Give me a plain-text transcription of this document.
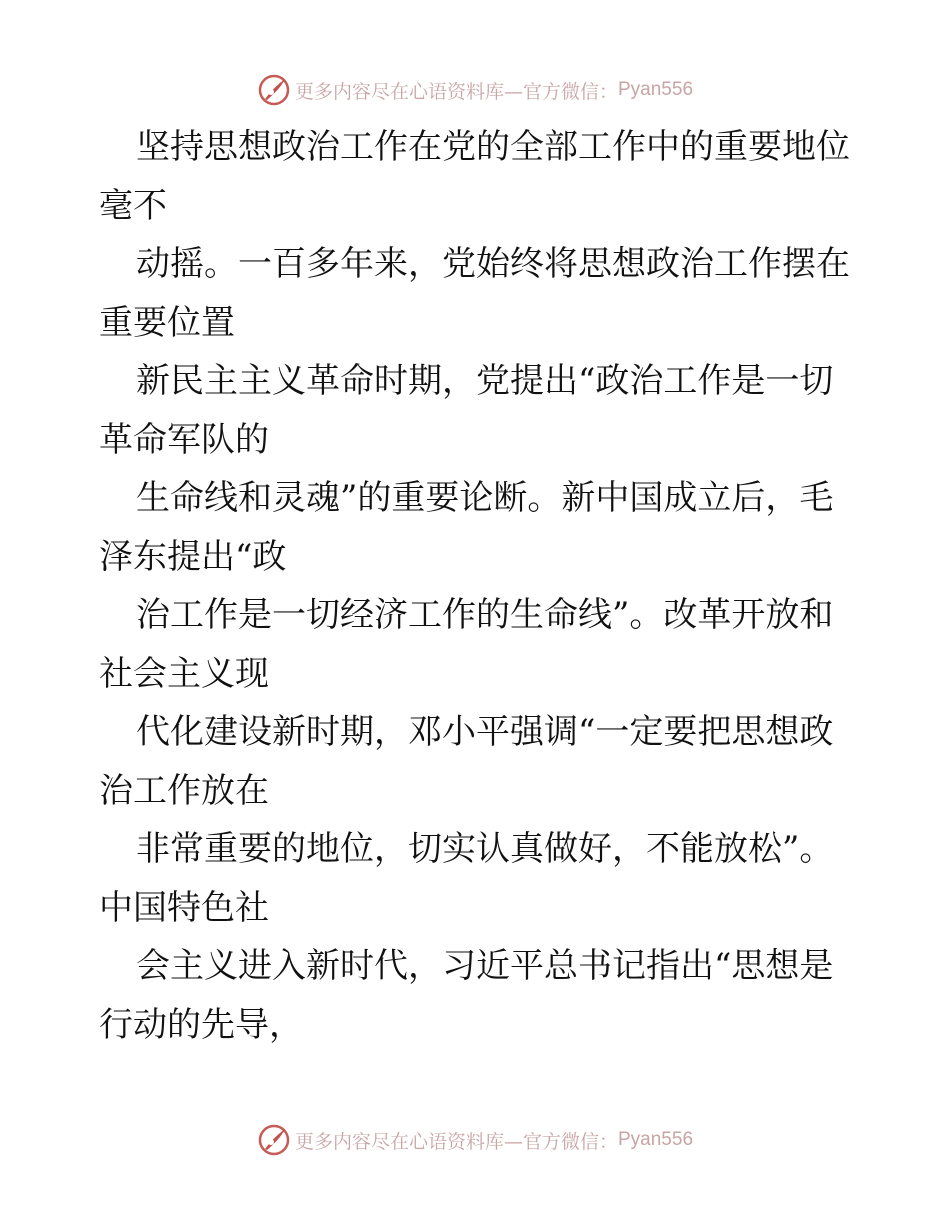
更多内容尽在心语资料库—官方微信： Pyan556
坚持思想政治工作在党的全部工作中的重要地位
毫不
动摇。一百多年来，党始终将思想政治工作摆在
重要位置
新民主主义革命时期，党提出“政治工作是一切
革命军队的
生命线和灵魂”的重要论断。新中国成立后，毛
泽东提出“政
治工作是一切经济工作的生命线”。改革开放和
社会主义现
代化建设新时期，邓小平强调“一定要把思想政
治工作放在
非常重要的地位，切实认真做好，不能放松”。
中国特色社
会主义进入新时代，习近平总书记指出“思想是
行动的先导，
更多内容尽在心语资料库—官方微信： Pyan556
